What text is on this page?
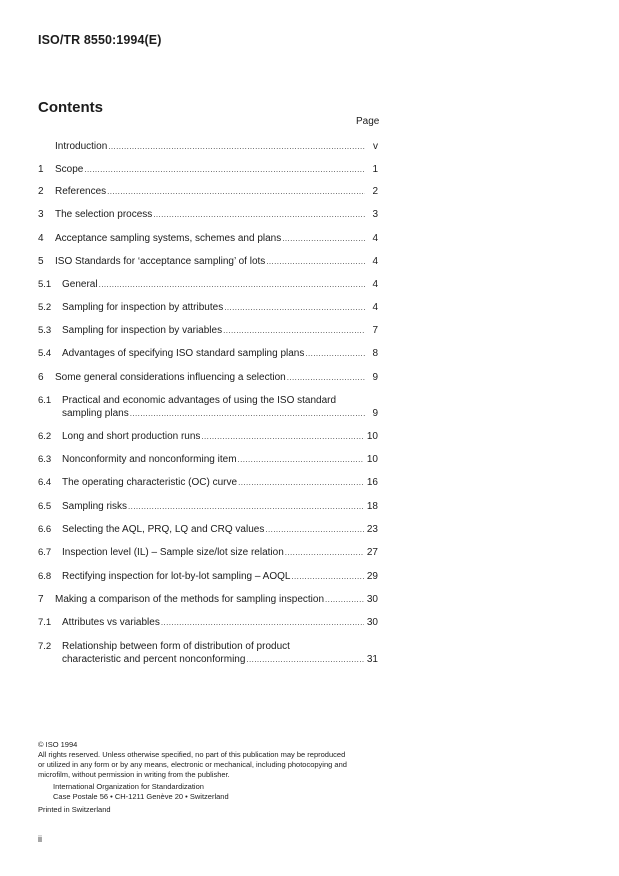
ISO/TR 8550:1994(E)
Contents
Page
Introduction .....	v
1	Scope .....	1
2	References .....	2
3	The selection process .....	3
4	Acceptance sampling systems, schemes and plans .....	4
5	ISO Standards for ‘acceptance sampling’ of lots .....	4
5.1	General .....	4
5.2	Sampling for inspection by attributes .....	4
5.3	Sampling for inspection by variables .....	7
5.4	Advantages of specifying ISO standard sampling plans .....	8
6	Some general considerations influencing a selection .....	9
6.1	Practical and economic advantages of using the ISO standard
sampling plans .....	9
6.2	Long and short production runs .....	10
6.3	Nonconformity and nonconforming item .....	10
6.4	The operating characteristic (OC) curve .....	16
6.5	Sampling risks .....	18
6.6	Selecting the AQL, PRQ, LQ and CRQ values .....	23
6.7	Inspection level (IL) – Sample size/lot size relation .....	27
6.8	Rectifying inspection for lot-by-lot sampling – AOQL .....	29
7	Making a comparison of the methods for sampling inspection .....	30
7.1	Attributes vs variables .....	30
7.2	Relationship between form of distribution of product
characteristic and percent nonconforming .....	31
© ISO 1994
All rights reserved. Unless otherwise specified, no part of this publication may be reproduced
or utilized in any form or by any means, electronic or mechanical, including photocopying and
microfilm, without permission in writing from the publisher.
International Organization for Standardization
Case Postale 56 • CH-1211 Genève 20 • Switzerland
Printed in Switzerland
ii
